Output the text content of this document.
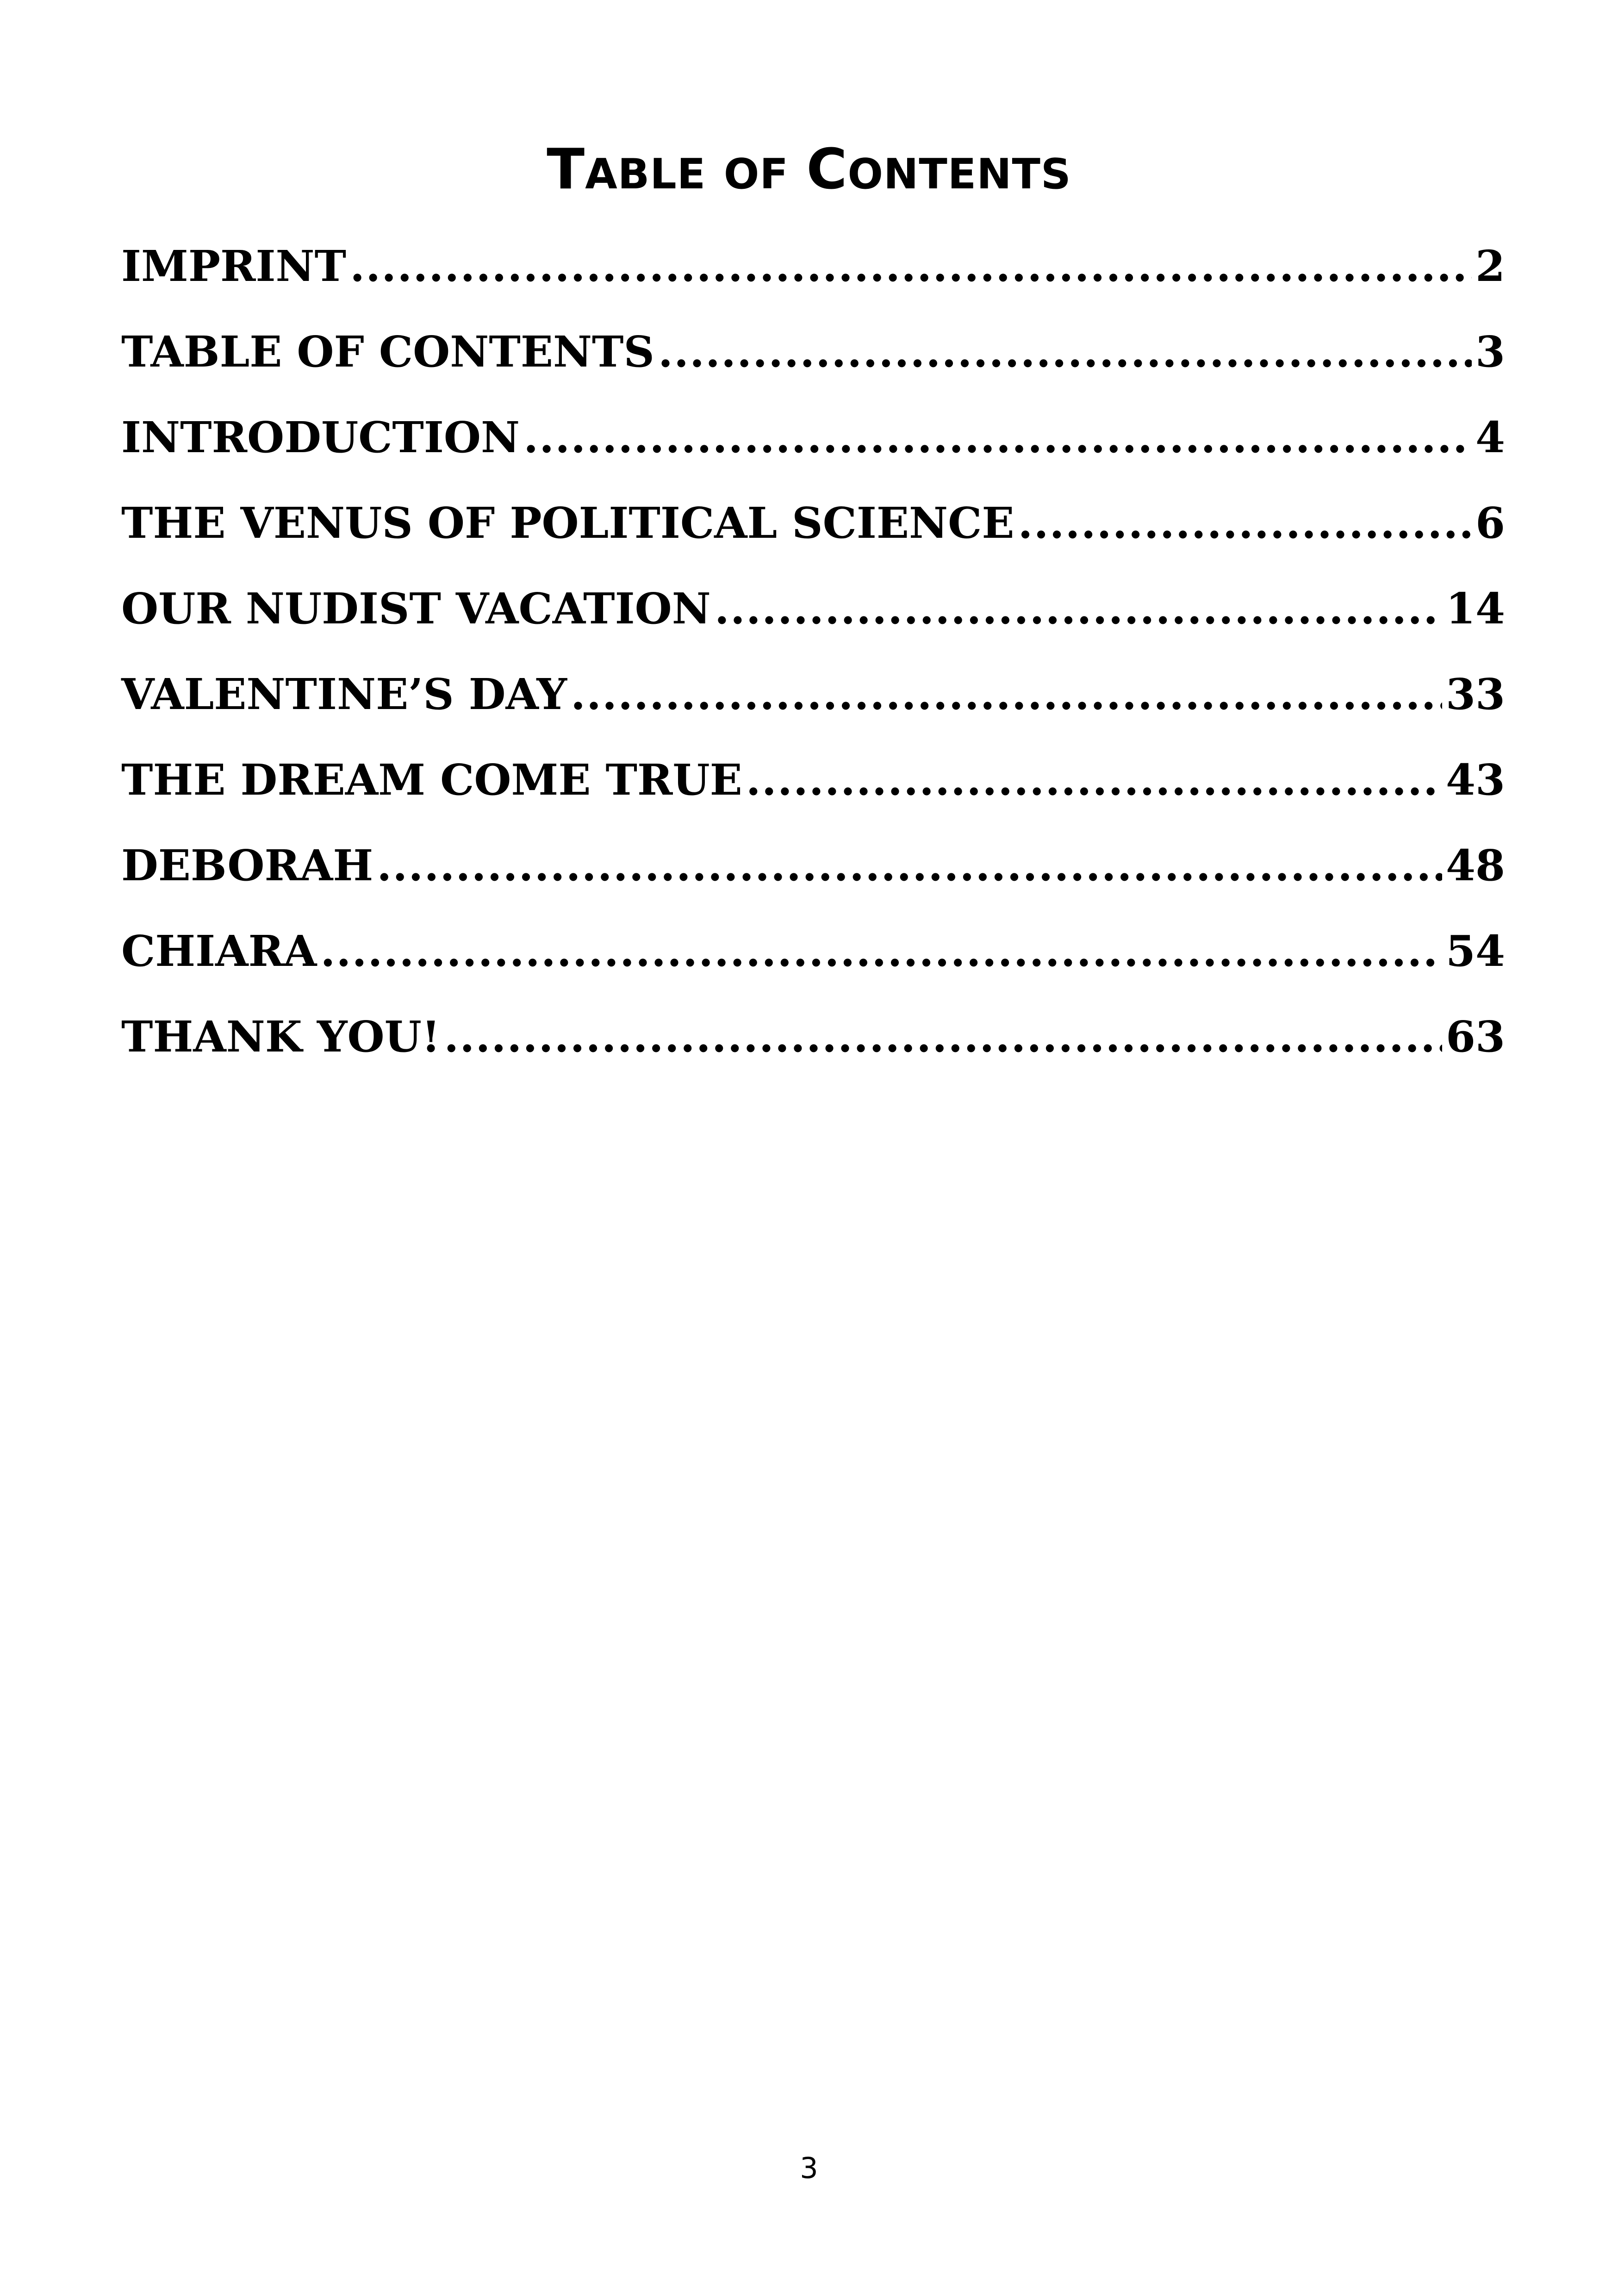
TABLE OF CONTENTS
IMPRINT .....	2
TABLE OF CONTENTS .....	3
INTRODUCTION .....	4
THE VENUS OF POLITICAL SCIENCE .....	6
OUR NUDIST VACATION .....	14
VALENTINE’S DAY .....	33
THE DREAM COME TRUE .....	43
DEBORAH .....	48
CHIARA .....	54
THANK YOU! .....	63
3
